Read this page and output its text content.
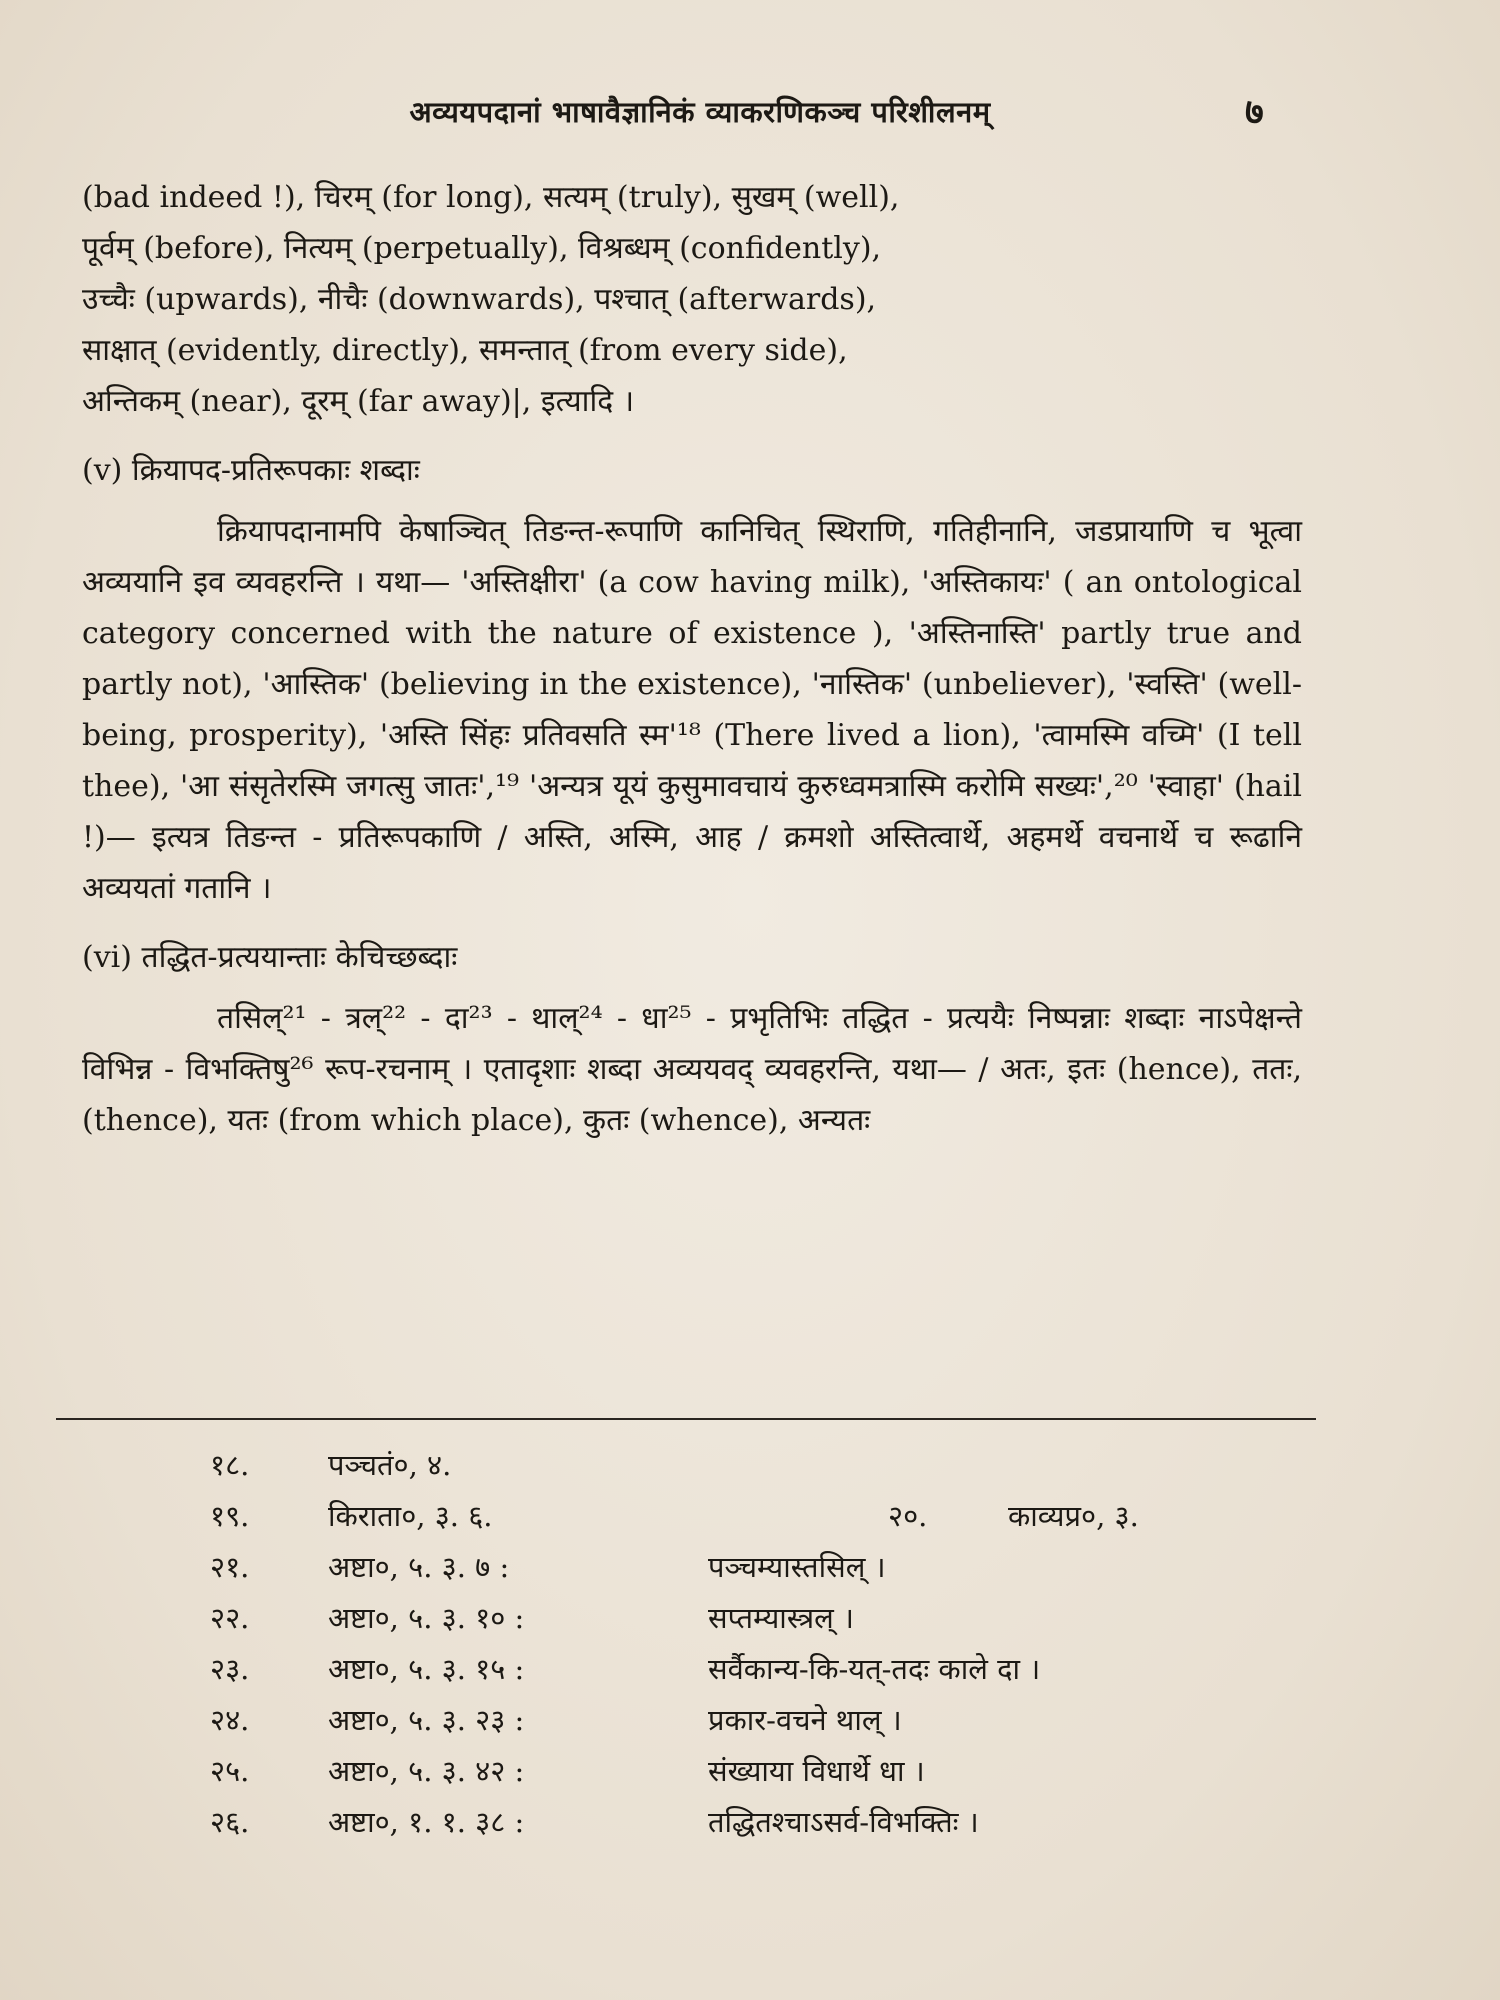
अव्ययपदानां भाषावैज्ञानिकं व्याकरणिकञ्च परिशीलनम्	७

(bad indeed !), चिरम् (for long), सत्यम् (truly), सुखम् (well),

पूर्वम् (before), नित्यम् (perpetually), विश्रब्धम् (confidently),

उच्चैः (upwards), नीचैः (downwards), पश्चात् (afterwards),

साक्षात् (evidently, directly), समन्तात् (from every side),

अन्तिकम् (near), दूरम् (far away)|, इत्यादि ।

(v) क्रियापद-प्रतिरूपकाः शब्दाः

क्रियापदानामपि केषाञ्चित् तिङन्त-रूपाणि कानिचित् स्थिराणि, गतिहीनानि, जडप्रायाणि च भूत्वा अव्ययानि इव व्यवहरन्ति । यथा— 'अस्तिक्षीरा' (a cow having milk), 'अस्तिकायः' ( an ontological category concerned with the nature of existence ), 'अस्तिनास्ति' partly true and partly not), 'आस्तिक' (believing in the existence), 'नास्तिक' (unbeliever), 'स्वस्ति' (well-being, prosperity), 'अस्ति सिंहः प्रतिवसति स्म'¹⁸ (There lived a lion), 'त्वामस्मि वच्मि' (I tell thee), 'आ संसृतेरस्मि जगत्सु जातः',¹⁹ 'अन्यत्र यूयं कुसुमावचायं कुरुध्वमत्रास्मि करोमि सख्यः',²⁰ 'स्वाहा' (hail !)— इत्यत्र तिङन्त - प्रतिरूपकाणि / अस्ति, अस्मि, आह / क्रमशो अस्तित्वार्थे, अहमर्थे वचनार्थे च रूढानि अव्ययतां गतानि ।

(vi) तद्धित-प्रत्ययान्ताः केचिच्छब्दाः

तसिल्²¹ - त्रल्²² - दा²³ - थाल्²⁴ - धा²⁵ - प्रभृतिभिः तद्धित - प्रत्ययैः निष्पन्नाः शब्दाः नाऽपेक्षन्ते विभिन्न - विभक्तिषु²⁶ रूप-रचनाम् । एतादृशाः शब्दा अव्ययवद् व्यवहरन्ति, यथा— / अतः, इतः (hence), ततः, (thence), यतः (from which place), कुतः (whence), अन्यतः

१८.	पञ्चतं०, ४.
१९.	किराता०, ३. ६.	२०.	काव्यप्र०, ३.
२१.	अष्टा०, ५. ३. ७ :	पञ्चम्यास्तसिल् ।
२२.	अष्टा०, ५. ३. १० :	सप्तम्यास्त्रल् ।
२३.	अष्टा०, ५. ३. १५ :	सर्वैकान्य-कि-यत्-तदः काले दा ।
२४.	अष्टा०, ५. ३. २३ :	प्रकार-वचने थाल् ।
२५.	अष्टा०, ५. ३. ४२ :	संख्याया विधार्थे धा ।
२६.	अष्टा०, १. १. ३८ :	तद्धितश्चाऽसर्व-विभक्तिः ।
